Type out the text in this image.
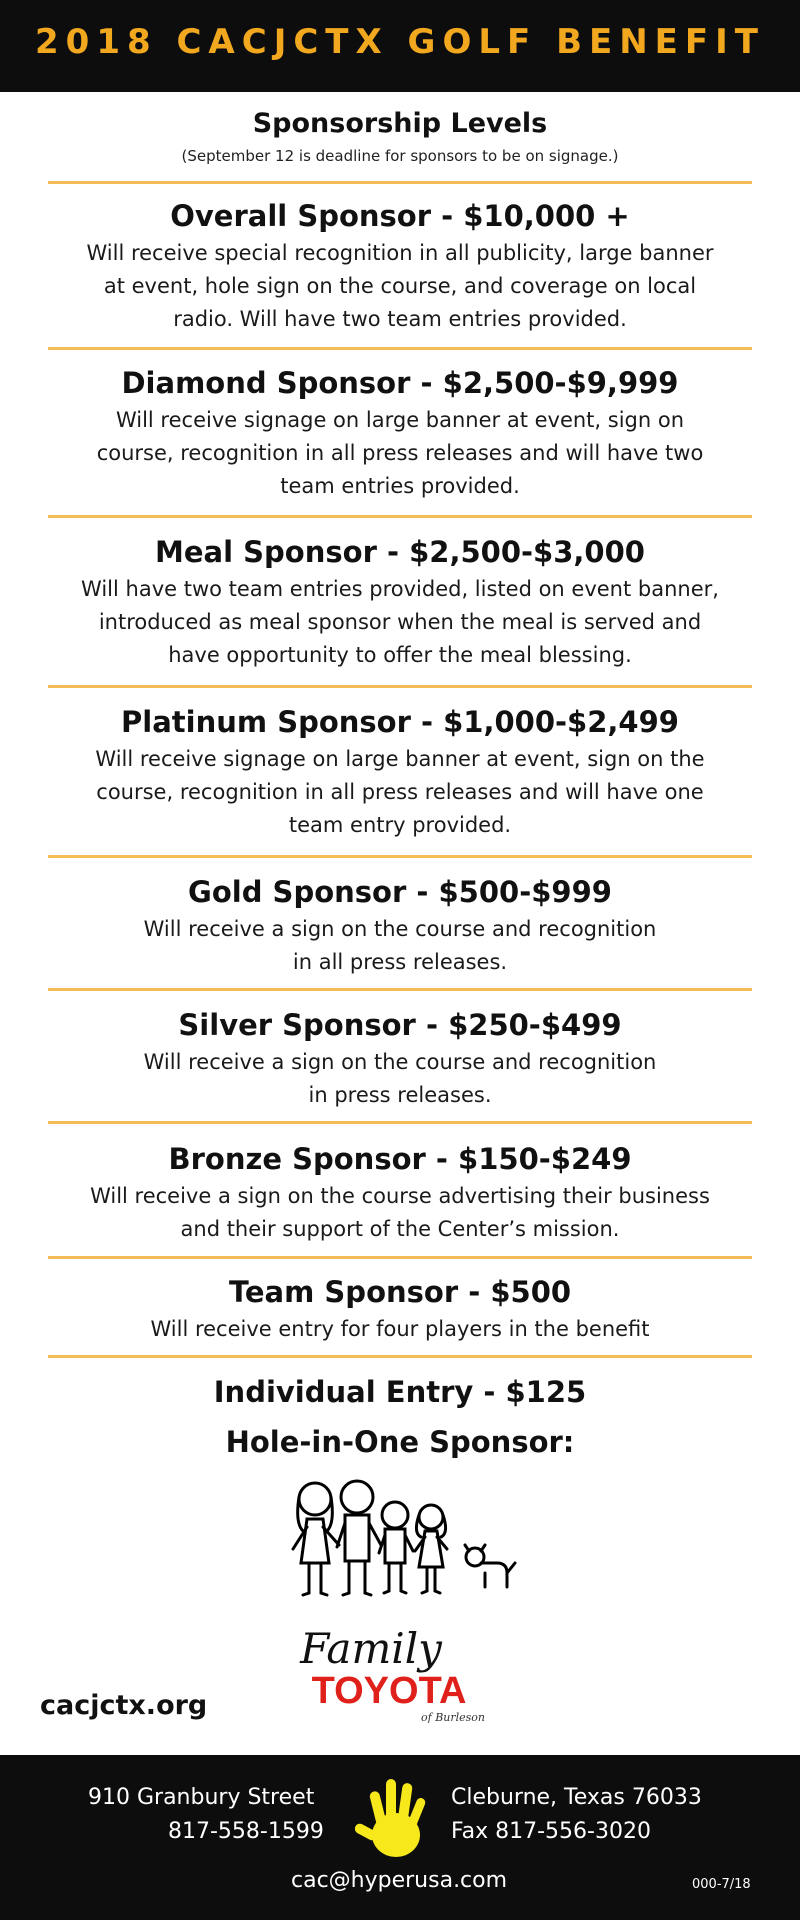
2018 CACJCTX GOLF BENEFIT
Sponsorship Levels
(September 12 is deadline for sponsors to be on signage.)
Overall Sponsor - $10,000 +
Will receive special recognition in all publicity, large banner
at event, hole sign on the course, and coverage on local
radio. Will have two team entries provided.
Diamond Sponsor - $2,500-$9,999
Will receive signage on large banner at event, sign on
course, recognition in all press releases and will have two
team entries provided.
Meal Sponsor - $2,500-$3,000
Will have two team entries provided, listed on event banner,
introduced as meal sponsor when the meal is served and
have opportunity to offer the meal blessing.
Platinum Sponsor - $1,000-$2,499
Will receive signage on large banner at event, sign on the
course, recognition in all press releases and will have one
team entry provided.
Gold Sponsor - $500-$999
Will receive a sign on the course and recognition
in all press releases.
Silver Sponsor - $250-$499
Will receive a sign on the course and recognition
in press releases.
Bronze Sponsor - $150-$249
Will receive a sign on the course advertising their business
and their support of the Center’s mission.
Team Sponsor - $500
Will receive entry for four players in the benefit
Individual Entry - $125
Hole-in-One Sponsor:
Family
TOYOTA
of Burleson
cacjctx.org
910 Granbury Street
817-558-1599
Cleburne, Texas 76033
Fax 817-556-3020
cac@hyperusa.com	000-7/18
